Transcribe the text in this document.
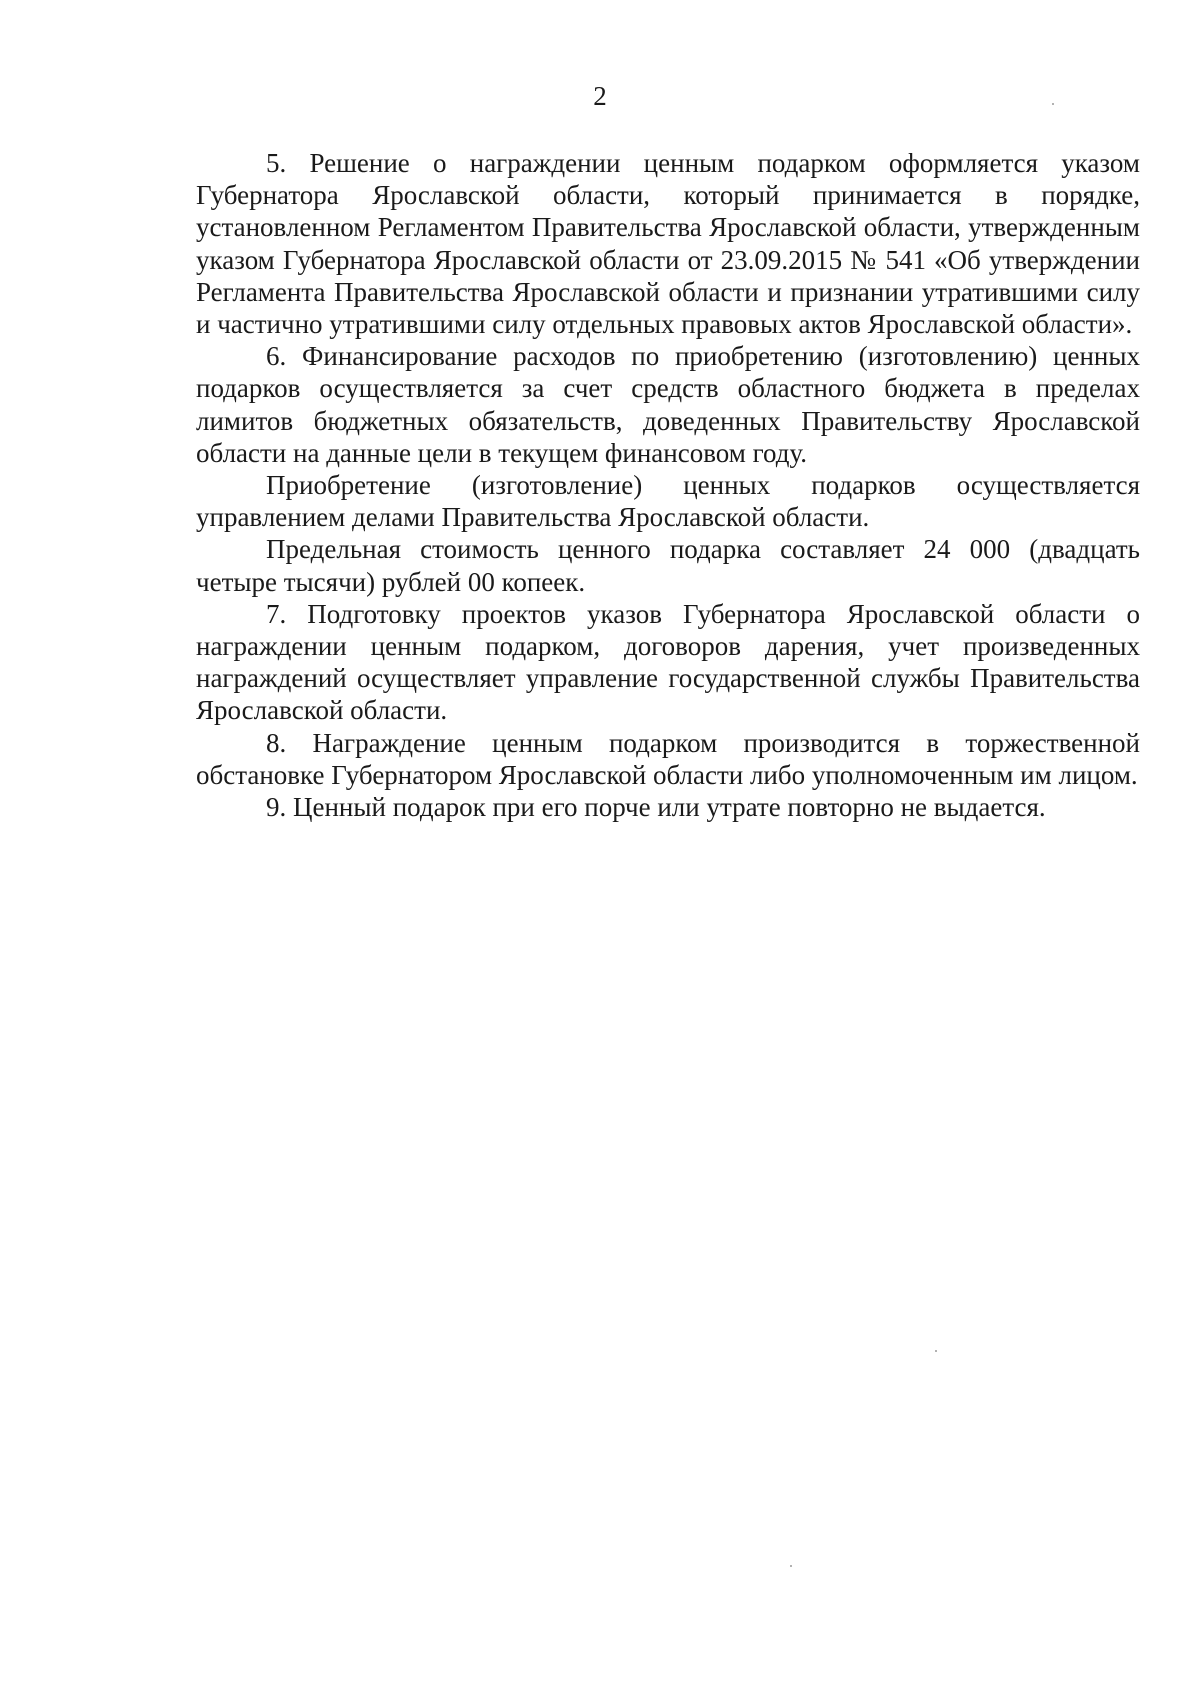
2

5. Решение о награждении ценным подарком оформляется указом Губернатора Ярославской области, который принимается в порядке, установленном Регламентом Правительства Ярославской области, утвержденным указом Губернатора Ярославской области от 23.09.2015 № 541 «Об утверждении Регламента Правительства Ярославской области и признании утратившими силу и частично утратившими силу отдельных правовых актов Ярославской области».

6. Финансирование расходов по приобретению (изготовлению) ценных подарков осуществляется за счет средств областного бюджета в пределах лимитов бюджетных обязательств, доведенных Правительству Ярославской области на данные цели в текущем финансовом году.

Приобретение (изготовление) ценных подарков осуществляется управлением делами Правительства Ярославской области.

Предельная стоимость ценного подарка составляет 24 000 (двадцать четыре тысячи) рублей 00 копеек.

7. Подготовку проектов указов Губернатора Ярославской области о награждении ценным подарком, договоров дарения, учет произведенных награждений осуществляет управление государственной службы Правительства Ярославской области.

8. Награждение ценным подарком производится в торжественной обстановке Губернатором Ярославской области либо уполномоченным им лицом.

9. Ценный подарок при его порче или утрате повторно не выдается.
